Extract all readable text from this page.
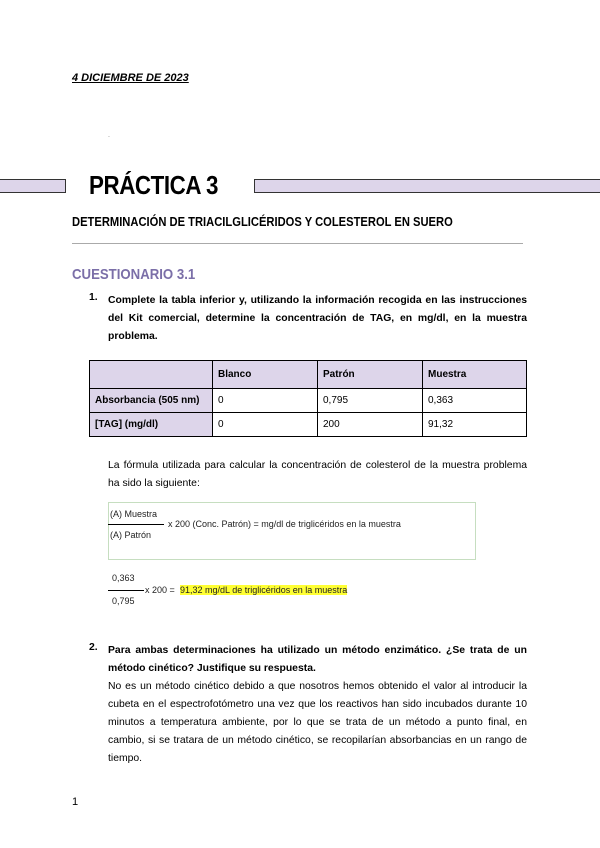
4 DICIEMBRE DE 2023
.
PRÁCTICA 3
DETERMINACIÓN DE TRIACILGLICÉRIDOS Y COLESTEROL EN SUERO
CUESTIONARIO 3.1
1. Complete la tabla inferior y, utilizando la información recogida en las instrucciones del Kit comercial, determine la concentración de TAG, en mg/dl, en la muestra problema.
	Blanco	Patrón	Muestra
Absorbancia (505 nm)	0	0,795	0,363
[TAG] (mg/dl)	0	200	91,32
La fórmula utilizada para calcular la concentración de colesterol de la muestra problema ha sido la siguiente:
(A) Muestra
(A) Patrón
x 200 (Conc. Patrón) = mg/dl de triglicéridos en la muestra
0,363
0,795
x 200 = 91,32 mg/dL de triglicéridos en la muestra
2. Para ambas determinaciones ha utilizado un método enzimático. ¿Se trata de un método cinético? Justifique su respuesta.
No es un método cinético debido a que nosotros hemos obtenido el valor al introducir la cubeta en el espectrofotómetro una vez que los reactivos han sido incubados durante 10 minutos a temperatura ambiente, por lo que se trata de un método a punto final, en cambio, si se tratara de un método cinético, se recopilarían absorbancias en un rango de tiempo.
1
